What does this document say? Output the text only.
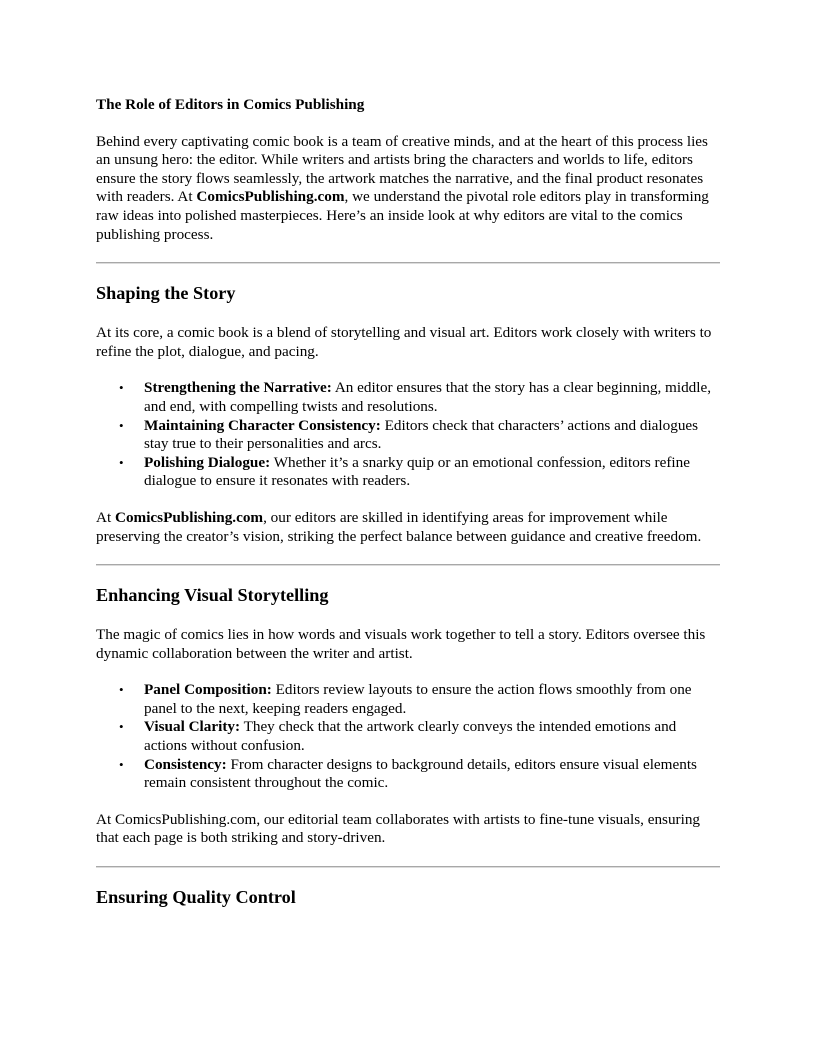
The Role of Editors in Comics Publishing

Behind every captivating comic book is a team of creative minds, and at the heart of this process lies an unsung hero: the editor. While writers and artists bring the characters and worlds to life, editors ensure the story flows seamlessly, the artwork matches the narrative, and the final product resonates with readers. At ComicsPublishing.com, we understand the pivotal role editors play in transforming raw ideas into polished masterpieces. Here’s an inside look at why editors are vital to the comics publishing process.

Shaping the Story

At its core, a comic book is a blend of storytelling and visual art. Editors work closely with writers to refine the plot, dialogue, and pacing.

• Strengthening the Narrative: An editor ensures that the story has a clear beginning, middle, and end, with compelling twists and resolutions.
• Maintaining Character Consistency: Editors check that characters’ actions and dialogues stay true to their personalities and arcs.
• Polishing Dialogue: Whether it’s a snarky quip or an emotional confession, editors refine dialogue to ensure it resonates with readers.

At ComicsPublishing.com, our editors are skilled in identifying areas for improvement while preserving the creator’s vision, striking the perfect balance between guidance and creative freedom.

Enhancing Visual Storytelling

The magic of comics lies in how words and visuals work together to tell a story. Editors oversee this dynamic collaboration between the writer and artist.

• Panel Composition: Editors review layouts to ensure the action flows smoothly from one panel to the next, keeping readers engaged.
• Visual Clarity: They check that the artwork clearly conveys the intended emotions and actions without confusion.
• Consistency: From character designs to background details, editors ensure visual elements remain consistent throughout the comic.

At ComicsPublishing.com, our editorial team collaborates with artists to fine-tune visuals, ensuring that each page is both striking and story-driven.

Ensuring Quality Control
